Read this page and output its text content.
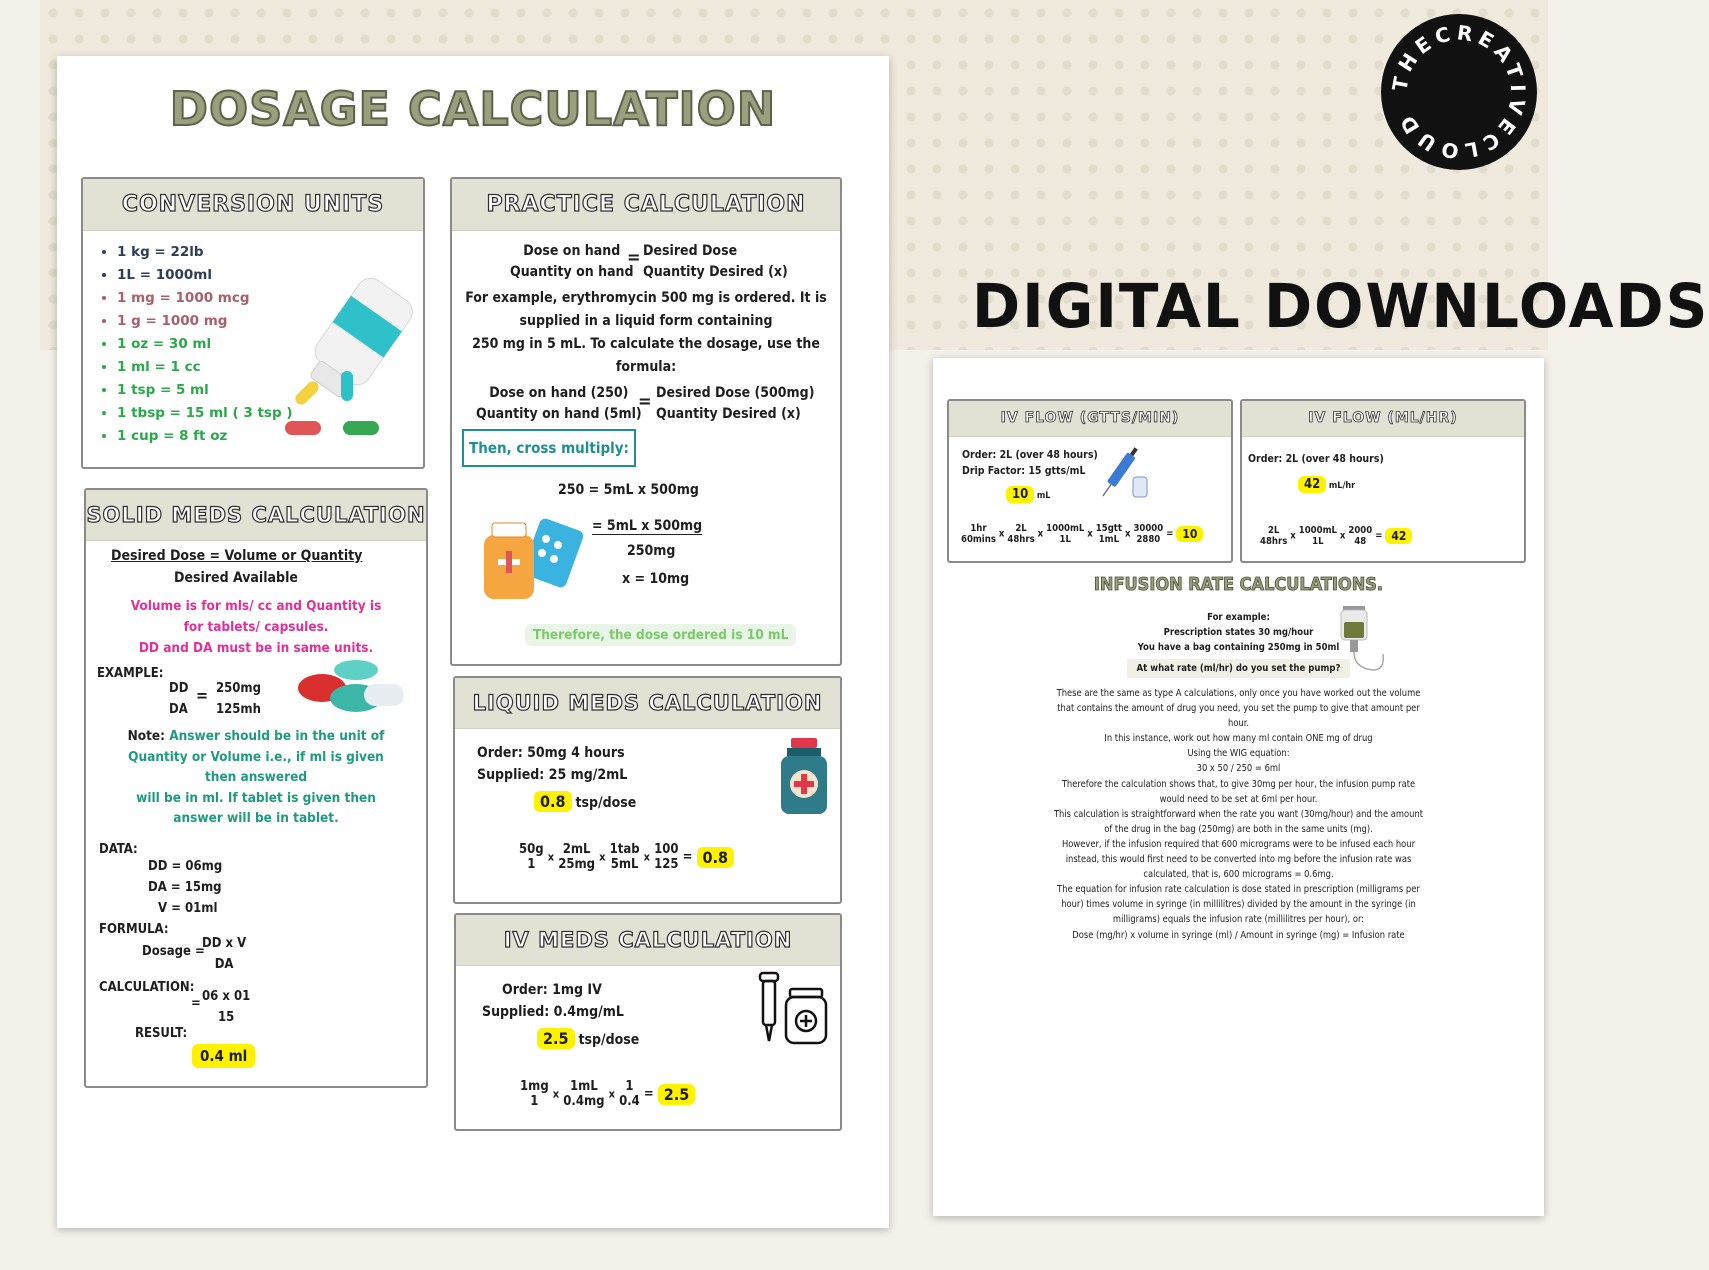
THECREATIVECLOUD
DIGITAL DOWNLOADS
DOSAGE CALCULATION
CONVERSION UNITS
• 1 kg = 22lb
• 1L = 1000ml
• 1 mg = 1000 mcg
• 1 g = 1000 mg
• 1 oz = 30 ml
• 1 ml = 1 cc
• 1 tsp = 5 ml
• 1 tbsp = 15 ml ( 3 tsp )
• 1 cup = 8 ft oz
PRACTICE CALCULATION
Dose on hand
Quantity on hand
= Desired Dose
Quantity Desired (x)
For example, erythromycin 500 mg is ordered. It is
supplied in a liquid form containing
250 mg in 5 mL. To calculate the dosage, use the
formula:
Dose on hand (250)
Quantity on hand (5ml)
= Desired Dose (500mg)
Quantity Desired (x)
Then, cross multiply:
250 = 5mL x 500mg
= 5mL x 500mg
250mg
x = 10mg
Therefore, the dose ordered is 10 mL
SOLID MEDS CALCULATION
Desired Dose = Volume or Quantity
Desired Available
Volume is for mls/ cc and Quantity is
for tablets/ capsules.
DD and DA must be in same units.
EXAMPLE:
DD
DA
= 250mg
125mh
Note: Answer should be in the unit of
Quantity or Volume i.e., if ml is given
then answered
will be in ml. If tablet is given then
answer will be in tablet.
DATA:
DD = 06mg
DA = 15mg
V = 01ml
FORMULA:
Dosage =
DD x V
DA
CALCULATION:
= 06 x 01
15
RESULT:
0.4 ml
LIQUID MEDS CALCULATION
Order: 50mg 4 hours
Supplied: 25 mg/2mL
0.8 tsp/dose
50g
1	x 2mL
25mg x 1tab
5mL x 100
125 = 0.8
IV MEDS CALCULATION
Order: 1mg IV
Supplied: 0.4mg/mL
2.5 tsp/dose
1mg
1	x 1mL
0.4mg x 1
0.4 = 2.5
IV FLOW (GTTS/MIN)
Order: 2L (over 48 hours)
Drip Factor: 15 gtts/mL
10 mL
1hr
60mins x	2L
48hrs x 1000mL
1L	x 15gtt
1mL x 30000
2880 = 10
IV FLOW (ML/HR)
Order: 2L (over 48 hours)
42 mL/hr
2L
48hrs x 1000mL
1L	x 2000
48 = 42
INFUSION RATE CALCULATIONS.
For example:
Prescription states 30 mg/hour
You have a bag containing 250mg in 50ml
At what rate (ml/hr) do you set the pump?
These are the same as type A calculations, only once you have worked out the volume
that contains the amount of drug you need, you set the pump to give that amount per
hour.
In this instance, work out how many ml contain ONE mg of drug
Using the WIG equation:
30 x 50 / 250 = 6ml
Therefore the calculation shows that, to give 30mg per hour, the infusion pump rate
would need to be set at 6ml per hour.
This calculation is straightforward when the rate you want (30mg/hour) and the amount
of the drug in the bag (250mg) are both in the same units (mg).
However, if the infusion required that 600 micrograms were to be infused each hour
instead, this would first need to be converted into mg before the infusion rate was
calculated, that is, 600 micrograms = 0.6mg.
The equation for infusion rate calculation is dose stated in prescription (milligrams per
hour) times volume in syringe (in millilitres) divided by the amount in the syringe (in
milligrams) equals the infusion rate (millilitres per hour), or:
Dose (mg/hr) x volume in syringe (ml) / Amount in syringe (mg) = Infusion rate
